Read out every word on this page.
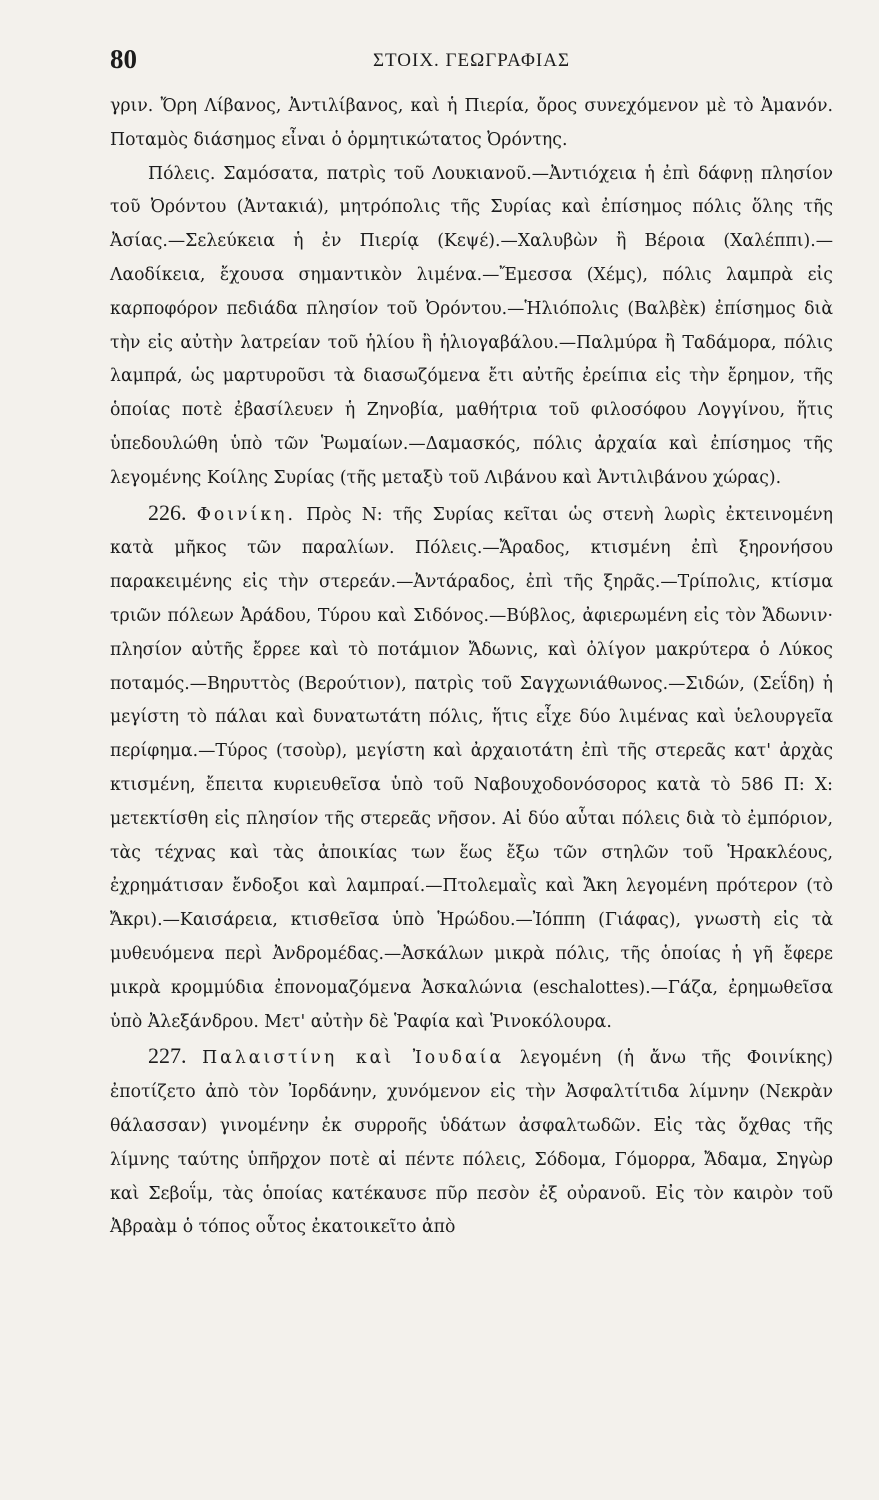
80	ΣΤΟΙΧ. ΓΕΩΓΡΑΦΙΑΣ

γριν. Ὄρη Λίβανος, Ἀντιλίβανος, καὶ ἡ Πιερία, ὄρος συνεχόμενον μὲ τὸ Ἀμανόν. Ποταμὸς διάσημος εἶναι ὁ ὁρμητικώτατος Ὀρόντης.

Πόλεις. Σαμόσατα, πατρὶς τοῦ Λουκιανοῦ.—Ἀντιόχεια ἡ ἐπὶ δάφνῃ πλησίον τοῦ Ὀρόντου (Ἀντακιά), μητρόπολις τῆς Συρίας καὶ ἐπίσημος πόλις ὅλης τῆς Ἀσίας.—Σελεύκεια ἡ ἐν Πιερίᾳ (Κεψέ).—Χαλυβὼν ἢ Βέροια (Χαλέππι).—Λαοδίκεια, ἔχουσα σημαντικὸν λιμένα.—Ἔμεσσα (Χέμς), πόλις λαμπρὰ εἰς καρποφόρον πεδιάδα πλησίον τοῦ Ὀρόντου.—Ἡλιόπολις (Βαλβὲκ) ἐπίσημος διὰ τὴν εἰς αὐτὴν λατρείαν τοῦ ἡλίου ἢ ἡλιογαβάλου.—Παλμύρα ἢ Ταδάμορα, πόλις λαμπρά, ὡς μαρτυροῦσι τὰ διασωζόμενα ἔτι αὐτῆς ἐρείπια εἰς τὴν ἔρημον, τῆς ὁποίας ποτὲ ἐβασίλευεν ἡ Ζηνοβία, μαθήτρια τοῦ φιλοσόφου Λογγίνου, ἥτις ὑπεδουλώθη ὑπὸ τῶν Ῥωμαίων.—Δαμασκός, πόλις ἀρχαία καὶ ἐπίσημος τῆς λεγομένης Κοίλης Συρίας (τῆς μεταξὺ τοῦ Λιβάνου καὶ Ἀντιλιβάνου χώρας).

226. Φοινίκη. Πρὸς Ν: τῆς Συρίας κεῖται ὡς στενὴ λωρὶς ἐκτεινομένη κατὰ μῆκος τῶν παραλίων. Πόλεις.—Ἄραδος, κτισμένη ἐπὶ ξηρονήσου παρακειμένης εἰς τὴν στερεάν.—Ἀντάραδος, ἐπὶ τῆς ξηρᾶς.—Τρίπολις, κτίσμα τριῶν πόλεων Ἀράδου, Τύρου καὶ Σιδόνος.—Βύβλος, ἀφιερωμένη εἰς τὸν Ἄδωνιν· πλησίον αὐτῆς ἔρρεε καὶ τὸ ποτάμιον Ἄδωνις, καὶ ὀλίγον μακρύτερα ὁ Λύκος ποταμός.—Βηρυττὸς (Βερούτιον), πατρὶς τοῦ Σαγχωνιάθωνος.—Σιδών, (Σεΐδη) ἡ μεγίστη τὸ πάλαι καὶ δυνατωτάτη πόλις, ἥτις εἶχε δύο λιμένας καὶ ὑελουργεῖα περίφημα.—Τύρος (τσοὺρ), μεγίστη καὶ ἀρχαιοτάτη ἐπὶ τῆς στερεᾶς κατ' ἀρχὰς κτισμένη, ἔπειτα κυριευθεῖσα ὑπὸ τοῦ Ναβουχοδονόσορος κατὰ τὸ 586 Π: Χ: μετεκτίσθη εἰς πλησίον τῆς στερεᾶς νῆσον. Αἱ δύο αὗται πόλεις διὰ τὸ ἐμπόριον, τὰς τέχνας καὶ τὰς ἀποικίας των ἕως ἔξω τῶν στηλῶν τοῦ Ἡρακλέους, ἐχρημάτισαν ἔνδοξοι καὶ λαμπραί.—Πτολεμαῒς καὶ Ἄκη λεγομένη πρότερον (τὸ Ἄκρι).—Καισάρεια, κτισθεῖσα ὑπὸ Ἡρώδου.—Ἰόππη (Γιάφας), γνωστὴ εἰς τὰ μυθευόμενα περὶ Ἀνδρομέδας.—Ἀσκάλων μικρὰ πόλις, τῆς ὁποίας ἡ γῆ ἔφερε μικρὰ κρομμύδια ἐπονομαζόμενα Ἀσκαλώνια (eschalottes).—Γάζα, ἐρημωθεῖσα ὑπὸ Ἀλεξάνδρου. Μετ' αὐτὴν δὲ Ῥαφία καὶ Ῥινοκόλουρα.

227. Παλαιστίνη καὶ Ἰουδαία λεγομένη (ἡ ἄνω τῆς Φοινίκης) ἐποτίζετο ἀπὸ τὸν Ἰορδάνην, χυνόμενον εἰς τὴν Ἀσφαλτίτιδα λίμνην (Νεκρὰν θάλασσαν) γινομένην ἐκ συρροῆς ὑδάτων ἀσφαλτωδῶν. Εἰς τὰς ὄχθας τῆς λίμνης ταύτης ὑπῆρχον ποτὲ αἱ πέντε πόλεις, Σόδομα, Γόμορρα, Ἄδαμα, Σηγὼρ καὶ Σεβοΐμ, τὰς ὁποίας κατέκαυσε πῦρ πεσὸν ἐξ οὐρανοῦ. Εἰς τὸν καιρὸν τοῦ Ἀβραὰμ ὁ τόπος οὗτος ἐκατοικεῖτο ἀπὸ
